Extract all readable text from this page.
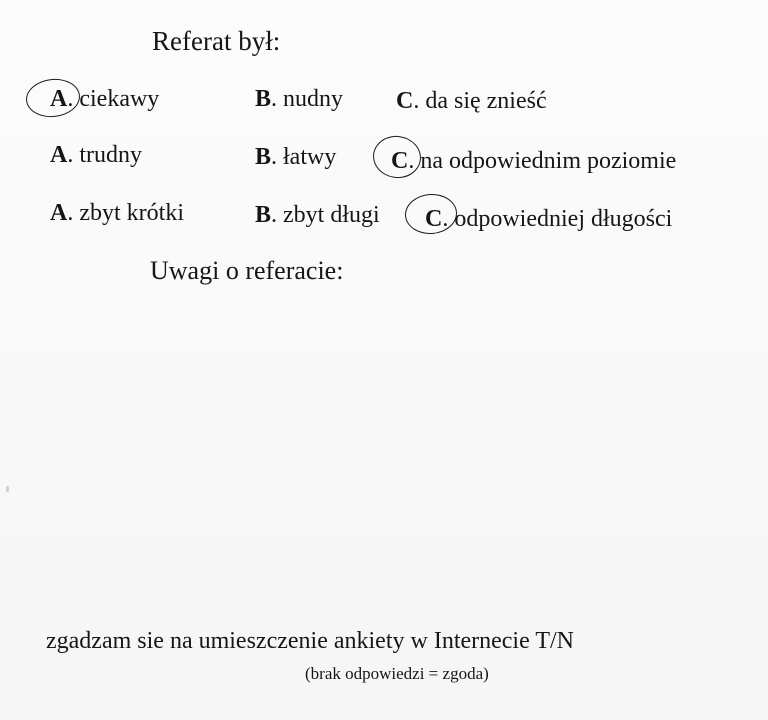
Referat był:
A. ciekawy	B. nudny C. da się znieść
A. trudny	B. łatwy C. na odpowiednim poziomie
A. zbyt krótki	B. zbyt długi C. odpowiedniej długości
Uwagi o referacie:
zgadzam sie na umieszczenie ankiety w Internecie T/N
(brak odpowiedzi = zgoda)
